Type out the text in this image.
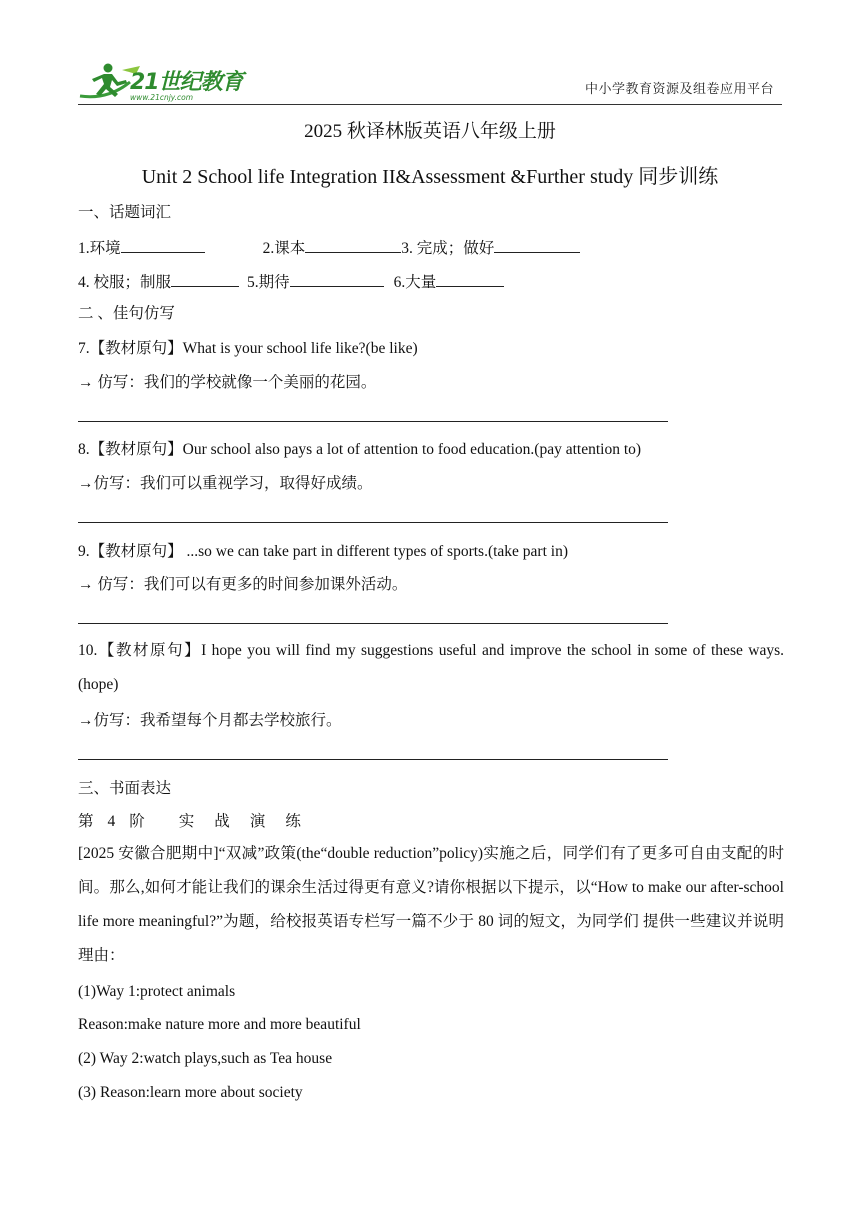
21世纪教育
www.21cnjy.com
中小学教育资源及组卷应用平台
2025 秋译林版英语八年级上册
Unit 2 School life Integration II&Assessment &Further study 同步训练
一、话题词汇
1.环境	2.课本	3. 完成；做好
4. 校服；制服	5.期待	6.大量
二 、佳句仿写
7.【教材原句】What is your school life like?(be like)
→ 仿写：我们的学校就像一个美丽的花园。
8.【教材原句】Our school also pays a lot of attention to food education.(pay attention to)
→仿写：我们可以重视学习，取得好成绩。
9.【教材原句】 ...so we can take part in different types of sports.(take part in)
→ 仿写：我们可以有更多的时间参加课外活动。
10.【教材原句】I hope you will find my suggestions useful and improve the school in some of these ways.(hope)
→仿写：我希望每个月都去学校旅行。
三、书面表达
第 4 阶 实 战 演 练
[2025 安徽合肥期中]“双减”政策(the“double reduction”policy)实施之后，同学们有了更多可自由支配的时间。那么,如何才能让我们的课余生活过得更有意义?请你根据以下提示，以“How to make our after-school life more meaningful?”为题，给校报英语专栏写一篇不少于 80 词的短文，为同学们 提供一些建议并说明理由：
(1)Way 1:protect animals
Reason:make nature more and more beautiful
(2) Way 2:watch plays,such as Tea house
(3) Reason:learn more about society
